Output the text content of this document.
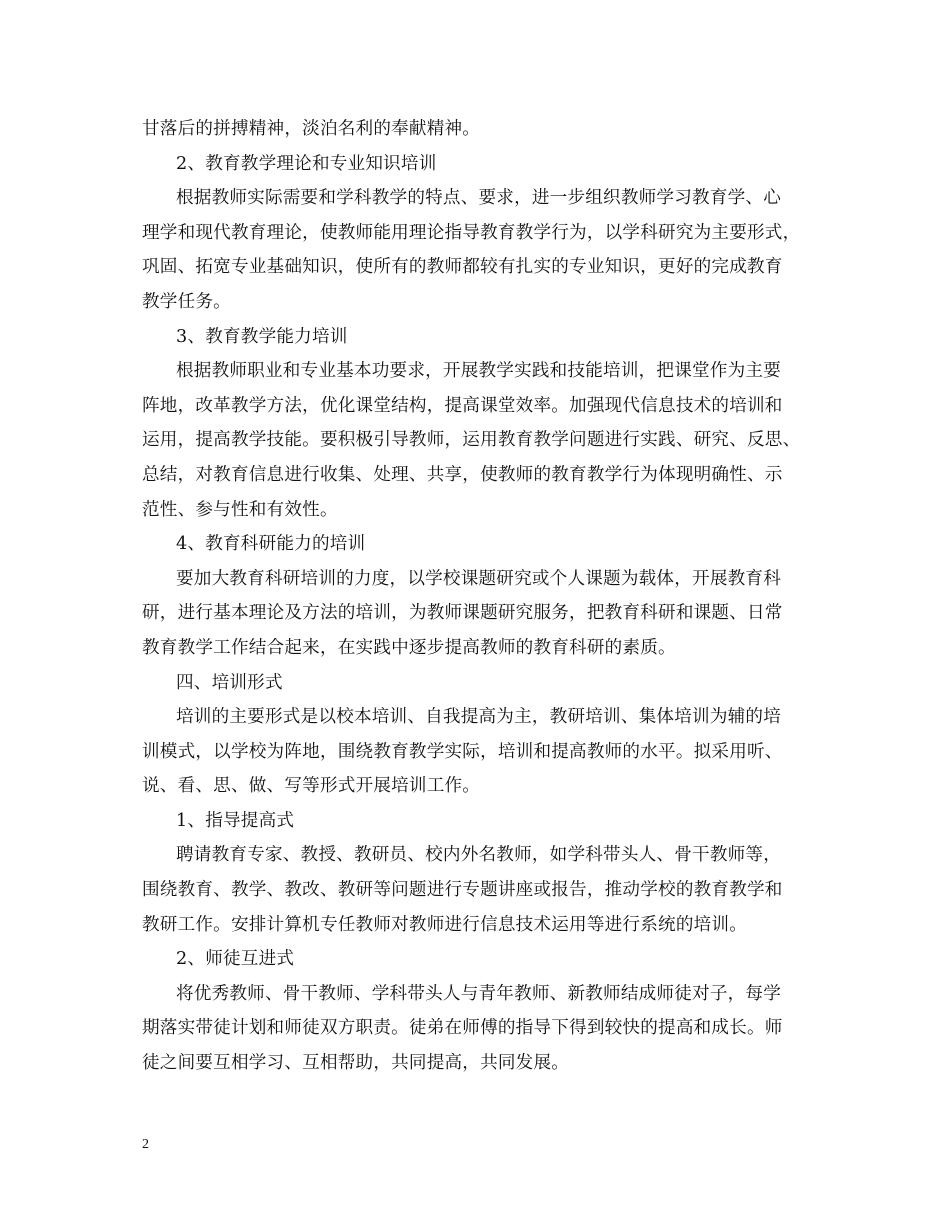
甘落后的拼搏精神，淡泊名利的奉献精神。
2、教育教学理论和专业知识培训
根据教师实际需要和学科教学的特点、要求，进一步组织教师学习教育学、心
理学和现代教育理论，使教师能用理论指导教育教学行为，以学科研究为主要形式，
巩固、拓宽专业基础知识，使所有的教师都较有扎实的专业知识，更好的完成教育
教学任务。
3、教育教学能力培训
根据教师职业和专业基本功要求，开展教学实践和技能培训，把课堂作为主要
阵地，改革教学方法，优化课堂结构，提高课堂效率。加强现代信息技术的培训和
运用，提高教学技能。要积极引导教师，运用教育教学问题进行实践、研究、反思、
总结，对教育信息进行收集、处理、共享，使教师的教育教学行为体现明确性、示
范性、参与性和有效性。
4、教育科研能力的培训
要加大教育科研培训的力度，以学校课题研究或个人课题为载体，开展教育科
研，进行基本理论及方法的培训，为教师课题研究服务，把教育科研和课题、日常
教育教学工作结合起来，在实践中逐步提高教师的教育科研的素质。
四、培训形式
培训的主要形式是以校本培训、自我提高为主，教研培训、集体培训为辅的培
训模式，以学校为阵地，围绕教育教学实际，培训和提高教师的水平。拟采用听、
说、看、思、做、写等形式开展培训工作。
1、指导提高式
聘请教育专家、教授、教研员、校内外名教师，如学科带头人、骨干教师等，
围绕教育、教学、教改、教研等问题进行专题讲座或报告，推动学校的教育教学和
教研工作。安排计算机专任教师对教师进行信息技术运用等进行系统的培训。
2、师徒互进式
将优秀教师、骨干教师、学科带头人与青年教师、新教师结成师徒对子，每学
期落实带徒计划和师徒双方职责。徒弟在师傅的指导下得到较快的提高和成长。师
徒之间要互相学习、互相帮助，共同提高，共同发展。
2
